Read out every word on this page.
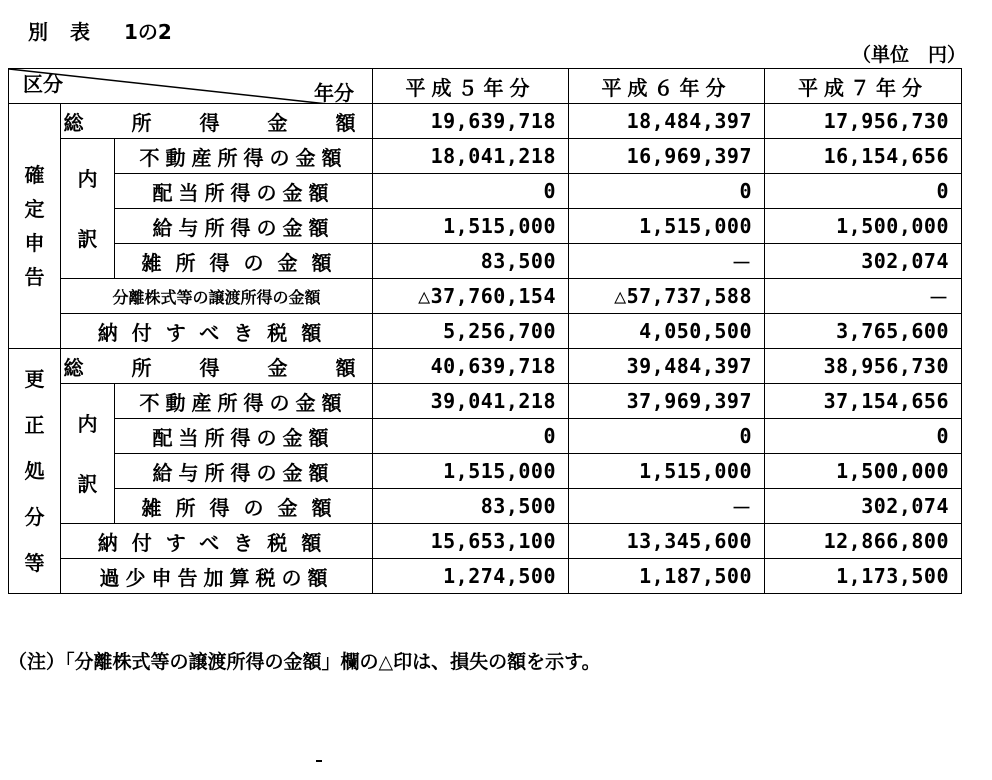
別 表 1の2
（単位　円）
年分
区分			平成５年分	平成６年分	平成７年分

確
定
申
告	総　所　得　金　額		19,639,718	18,484,397	17,956,730

	内
訳	不動産所得の金額	18,041,218	16,969,397	16,154,656
		配当所得の金額	0	0	0
		給与所得の金額	1,515,000	1,515,000	1,500,000
		雑所得の金額	83,500	－	302,074
	分離株式等の譲渡所得の金額		△37,760,154	△57,737,588	－
	納付すべき税額		5,256,700	4,050,500	3,765,600

更
正
処
分
等	総　所　得　金　額		40,639,718	39,484,397	38,956,730

	内
訳	不動産所得の金額	39,041,218	37,969,397	37,154,656
		配当所得の金額	0	0	0
		給与所得の金額	1,515,000	1,515,000	1,500,000
		雑所得の金額	83,500	－	302,074
	納付すべき税額		15,653,100	13,345,600	12,866,800
	過少申告加算税の額		1,274,500	1,187,500	1,173,500
（注）「分離株式等の譲渡所得の金額」欄の△印は、損失の額を示す。
